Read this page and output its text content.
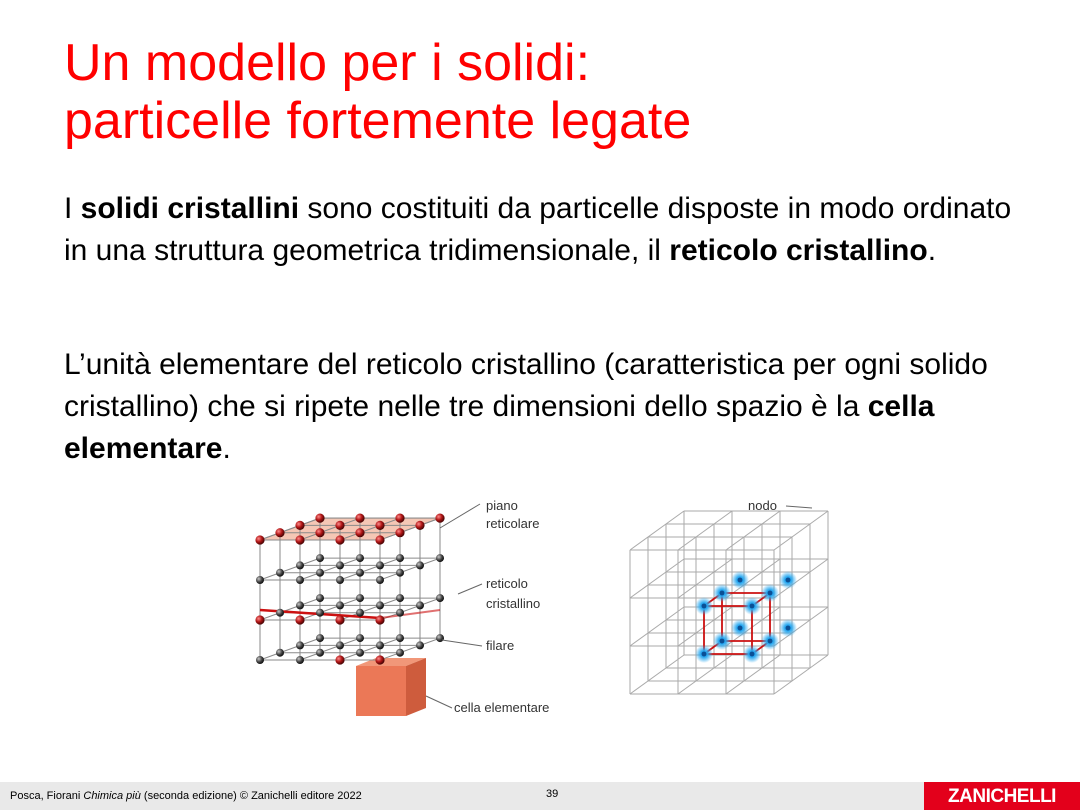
Un modello per i solidi:
particelle fortemente legate
I solidi cristallini sono costituiti da particelle disposte in modo ordinato in una struttura geometrica tridimensionale, il reticolo cristallino.
L’unità elementare del reticolo cristallino (caratteristica per ogni solido cristallino) che si ripete nelle tre dimensioni dello spazio è la cella elementare.
piano
reticolare
reticolo
cristallino
filare
cella elementare
nodo
Posca, Fiorani Chimica più (seconda edizione) © Zanichelli editore 2022	39	ZANICHELLI
